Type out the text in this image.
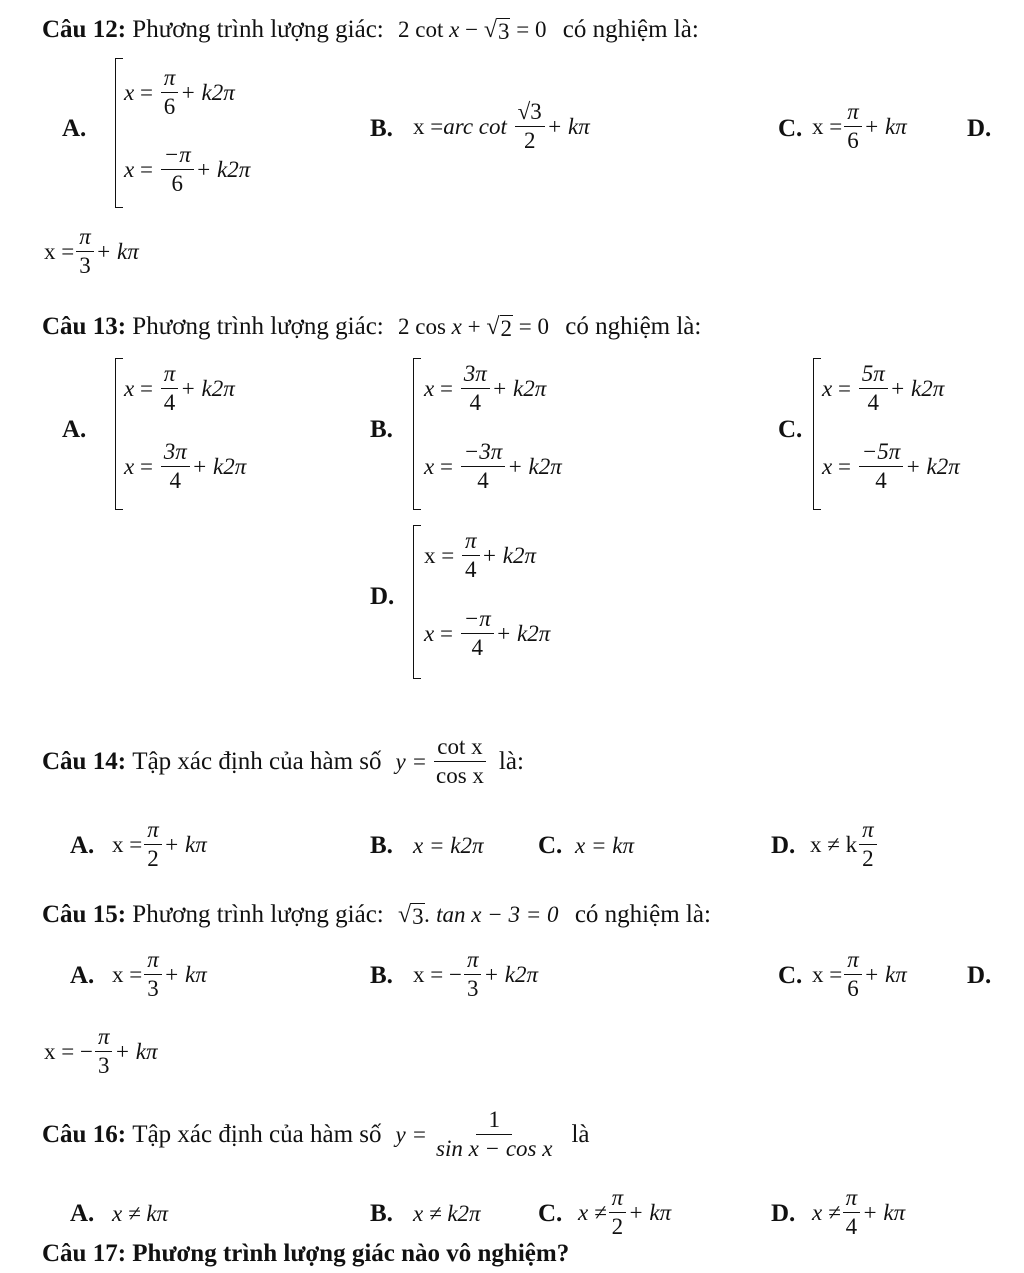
Câu 12: Phương trình lượng giác: 2 cot x − √ 3 = 0 có nghiệm là:
A.
$x = \frac{\pi}{6} + k2\pi$
$x = \frac{-\pi}{6} + k2\pi$
B. x = arc cot
$\frac{√3}{2} + k\pi$	C. $x = \frac{\pi}{6} + k\pi$ D.
$x = \frac{\pi}{3} + k\pi$
Câu 13: Phương trình lượng giác: 2 cos x + √ 2 = 0 có nghiệm là:
A.
$x = \frac{\pi}{4} + k2\pi$
$x = \frac{3\pi}{4} + k2\pi$
B.
$x = \frac{3\pi}{4} + k2\pi$
$x = \frac{-3\pi}{4} + k2\pi$
C.
$x = \frac{5\pi}{4} + k2\pi$
$x = \frac{-5\pi}{4} + k2\pi$
D.
$x = \frac{\pi}{4} + k2\pi$
$x = \frac{-\pi}{4} + k2\pi$
Câu 14:
Tập xác định của hàm số $y = \frac{\text{cot x}}{\text{cos x}}$ là:
A. $x = \frac{\pi}{2} + k\pi$	B. x = k2π C. x = kπ	D. x ≠ k $\frac{\pi}{2}$
Câu 15: Phương trình lượng giác: √ 3 . tan x − 3 = 0 có nghiệm là:
A. $x = \frac{\pi}{3} + k\pi$	B. x = − $\frac{\pi}{3} + k2\pi$	C. $x = \frac{\pi}{6} + k\pi$ D.
x = − $\frac{\pi}{3} + k\pi$
Câu 16:
Tập xác định của hàm số $y = \frac{1}{\text{sin x − cos x}}$ là
A. x ≠ kπ	B. x ≠ k2π C. $x \ne \frac{\pi}{2} + k\pi$	D. $x \ne \frac{\pi}{4} + k\pi$
Câu 17: Phương trình lượng giác nào vô nghiệm?
